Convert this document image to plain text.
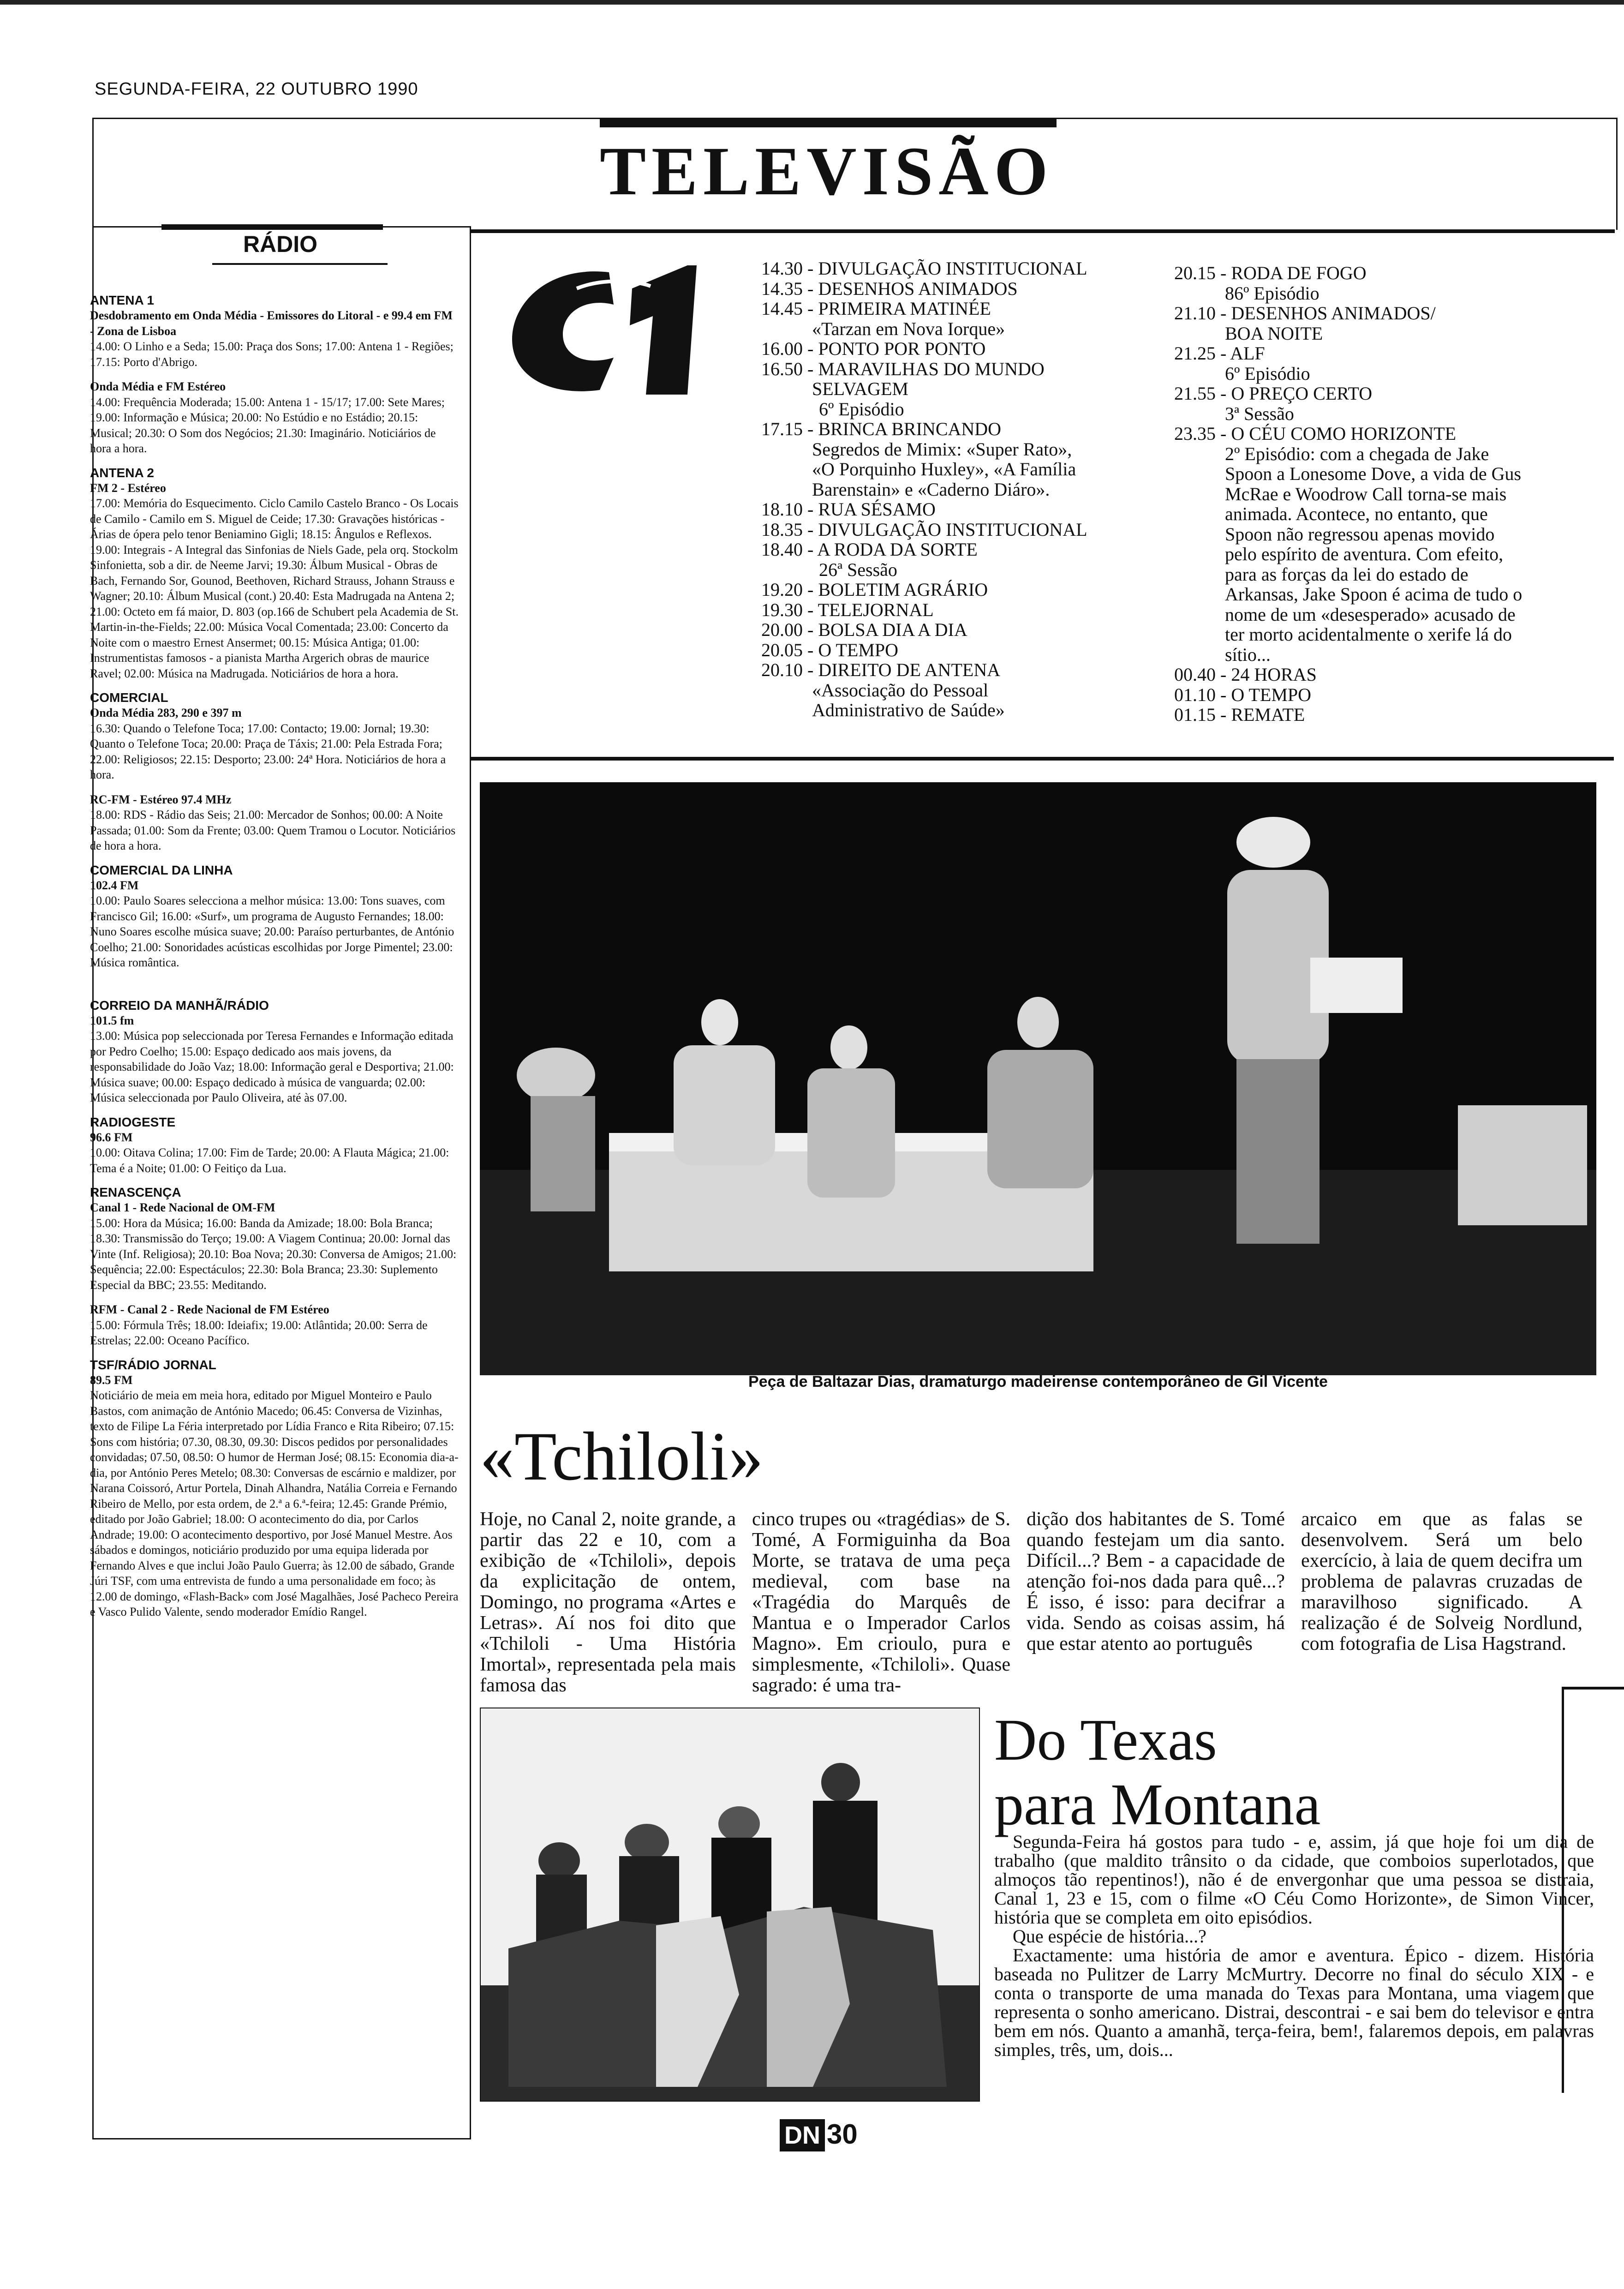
SEGUNDA-FEIRA, 22 OUTUBRO 1990
TELEVISÃO
RÁDIO
ANTENA 1
Desdobramento em Onda Média - Emissores do Litoral - e 99.4 em FM - Zona de Lisboa

14.00: O Linho e a Seda; 15.00: Praça dos Sons; 17.00: Antena 1 - Regiões; 17.15: Porto d'Abrigo.

Onda Média e FM Estéreo

14.00: Frequência Moderada; 15.00: Antena 1 - 15/17; 17.00: Sete Mares; 19.00: Informação e Música; 20.00: No Estúdio e no Estádio; 20.15: Musical; 20.30: O Som dos Negócios; 21.30: Imaginário. Noticiários de hora a hora.

ANTENA 2
FM 2 - Estéreo

17.00: Memória do Esquecimento. Ciclo Camilo Castelo Branco - Os Locais de Camilo - Camilo em S. Miguel de Ceide; 17.30: Gravações históricas - Árias de ópera pelo tenor Beniamino Gigli; 18.15: Ângulos e Reflexos. 19.00: Integrais - A Integral das Sinfonias de Niels Gade, pela orq. Stockolm Sinfonietta, sob a dir. de Neeme Jarvi; 19.30: Álbum Musical - Obras de Bach, Fernando Sor, Gounod, Beethoven, Richard Strauss, Johann Strauss e Wagner; 20.10: Álbum Musical (cont.) 20.40: Esta Madrugada na Antena 2; 21.00: Octeto em fá maior, D. 803 (op.166 de Schubert pela Academia de St. Martin-in-the-Fields; 22.00: Música Vocal Comentada; 23.00: Concerto da Noite com o maestro Ernest Ansermet; 00.15: Música Antiga; 01.00: Instrumentistas famosos - a pianista Martha Argerich obras de maurice Ravel; 02.00: Música na Madrugada. Noticiários de hora a hora.

COMERCIAL
Onda Média 283, 290 e 397 m

16.30: Quando o Telefone Toca; 17.00: Contacto; 19.00: Jornal; 19.30: Quanto o Telefone Toca; 20.00: Praça de Táxis; 21.00: Pela Estrada Fora; 22.00: Religiosos; 22.15: Desporto; 23.00: 24ª Hora. Noticiários de hora a hora.

RC-FM - Estéreo 97.4 MHz

18.00: RDS - Rádio das Seis; 21.00: Mercador de Sonhos; 00.00: A Noite Passada; 01.00: Som da Frente; 03.00: Quem Tramou o Locutor. Noticiários de hora a hora.

COMERCIAL DA LINHA
102.4 FM

10.00: Paulo Soares selecciona a melhor música: 13.00: Tons suaves, com Francisco Gil; 16.00: «Surf», um programa de Augusto Fernandes; 18.00: Nuno Soares escolhe música suave; 20.00: Paraíso perturbantes, de António Coelho; 21.00: Sonoridades acústicas escolhidas por Jorge Pimentel; 23.00: Música romântica.

CORREIO DA MANHÃ/RÁDIO
101.5 fm

13.00: Música pop seleccionada por Teresa Fernandes e Informação editada por Pedro Coelho; 15.00: Espaço dedicado aos mais jovens, da responsabilidade do João Vaz; 18.00: Informação geral e Desportiva; 21.00: Música suave; 00.00: Espaço dedicado à música de vanguarda; 02.00: Música seleccionada por Paulo Oliveira, até às 07.00.

RADIOGESTE
96.6 FM

10.00: Oitava Colina; 17.00: Fim de Tarde; 20.00: A Flauta Mágica; 21.00: Tema é a Noite; 01.00: O Feitiço da Lua.

RENASCENÇA
Canal 1 - Rede Nacional de OM-FM

15.00: Hora da Música; 16.00: Banda da Amizade; 18.00: Bola Branca; 18.30: Transmissão do Terço; 19.00: A Viagem Continua; 20.00: Jornal das Vinte (Inf. Religiosa); 20.10: Boa Nova; 20.30: Conversa de Amigos; 21.00: Sequência; 22.00: Espectáculos; 22.30: Bola Branca; 23.30: Suplemento Especial da BBC; 23.55: Meditando.

RFM - Canal 2 - Rede Nacional de FM Estéreo

15.00: Fórmula Três; 18.00: Ideiafix; 19.00: Atlântida; 20.00: Serra de Estrelas; 22.00: Oceano Pacífico.

TSF/RÁDIO JORNAL
89.5 FM

Noticiário de meia em meia hora, editado por Miguel Monteiro e Paulo Bastos, com animação de António Macedo; 06.45: Conversa de Vizinhas, texto de Filipe La Féria interpretado por Lídia Franco e Rita Ribeiro; 07.15: Sons com história; 07.30, 08.30, 09.30: Discos pedidos por personalidades convidadas; 07.50, 08.50: O humor de Herman José; 08.15: Economia dia-a-dia, por António Peres Metelo; 08.30: Conversas de escárnio e maldizer, por Narana Coissoró, Artur Portela, Dinah Alhandra, Natália Correia e Fernando Ribeiro de Mello, por esta ordem, de 2.ª a 6.ª-feira; 12.45: Grande Prémio, editado por João Gabriel; 18.00: O acontecimento do dia, por Carlos Andrade; 19.00: O acontecimento desportivo, por José Manuel Mestre. Aos sábados e domingos, noticiário produzido por uma equipa liderada por Fernando Alves e que inclui João Paulo Guerra; às 12.00 de sábado, Grande Júri TSF, com uma entrevista de fundo a uma personalidade em foco; às 12.00 de domingo, «Flash-Back» com José Magalhães, José Pacheco Pereira e Vasco Pulido Valente, sendo moderador Emídio Rangel.

C1	14.30 - DIVULGAÇÃO INSTITUCIONAL
14.35 - DESENHOS ANIMADOS
14.45 - PRIMEIRA MATINÉE
«Tarzan em Nova Iorque»
16.00 - PONTO POR PONTO
16.50 - MARAVILHAS DO MUNDO
SELVAGEM
6º Episódio
17.15 - BRINCA BRINCANDO
Segredos de Mimix: «Super Rato»,
«O Porquinho Huxley», «A Família
Barenstain» e «Caderno Diáro».
18.10 - RUA SÉSAMO
18.35 - DIVULGAÇÃO INSTITUCIONAL
18.40 - A RODA DA SORTE
26ª Sessão
19.20 - BOLETIM AGRÁRIO
19.30 - TELEJORNAL
20.00 - BOLSA DIA A DIA
20.05 - O TEMPO
20.10 - DIREITO DE ANTENA
«Associação do Pessoal
Administrativo de Saúde»
20.15 - RODA DE FOGO
86º Episódio
21.10 - DESENHOS ANIMADOS/
BOA NOITE
21.25 - ALF
6º Episódio
21.55 - O PREÇO CERTO
3ª Sessão
23.35 - O CÉU COMO HORIZONTE
2º Episódio: com a chegada de Jake
Spoon a Lonesome Dove, a vida de Gus
McRae e Woodrow Call torna-se mais
animada. Acontece, no entanto, que
Spoon não regressou apenas movido
pelo espírito de aventura. Com efeito,
para as forças da lei do estado de
Arkansas, Jake Spoon é acima de tudo o
nome de um «desesperado» acusado de
ter morto acidentalmente o xerife lá do
sítio...
00.40 - 24 HORAS
01.10 - O TEMPO
01.15 - REMATE
Peça de Baltazar Dias, dramaturgo madeirense contemporâneo de Gil Vicente
«Tchiloli»
Hoje, no Canal 2, noite grande, a partir das 22 e 10, com a exibição de «Tchiloli», depois da explicitação de ontem, Domingo, no programa «Artes e Letras». Aí nos foi dito que «Tchiloli - Uma História Imortal», representada pela mais famosa das
cinco trupes ou «tragédias» de S. Tomé, A Formiguinha da Boa Morte, se tratava de uma peça medieval, com base na «Tragédia do Marquês de Mantua e o Imperador Carlos Magno». Em crioulo, pura e simplesmente, «Tchiloli». Quase sagrado: é uma tra-
dição dos habitantes de S. Tomé quando festejam um dia santo. Difícil...? Bem - a capacidade de atenção foi-nos dada para quê...? É isso, é isso: para decifrar a vida. Sendo as coisas assim, há que estar atento ao português
arcaico em que as falas se desenvolvem. Será um belo exercício, à laia de quem decifra um problema de palavras cruzadas de maravilhoso significado. A realização é de Solveig Nordlund, com fotografia de Lisa Hagstrand.
Do Texas
para Montana

Segunda-Feira há gostos para tudo - e, assim, já que hoje foi um dia de trabalho (que maldito trânsito o da cidade, que comboios superlotados, que almoços tão repentinos!), não é de envergonhar que uma pessoa se distraia, Canal 1, 23 e 15, com o filme «O Céu Como Horizonte», de Simon Vincer, história que se completa em oito episódios.

Que espécie de história...?

Exactamente: uma história de amor e aventura. Épico - dizem. História baseada no Pulitzer de Larry McMurtry. Decorre no final do século XIX - e conta o transporte de uma manada do Texas para Montana, uma viagem que representa o sonho americano. Distrai, descontrai - e sai bem do televisor e entra bem em nós. Quanto a amanhã, terça-feira, bem!, falaremos depois, em palavras simples, três, um, dois...

DN 30
